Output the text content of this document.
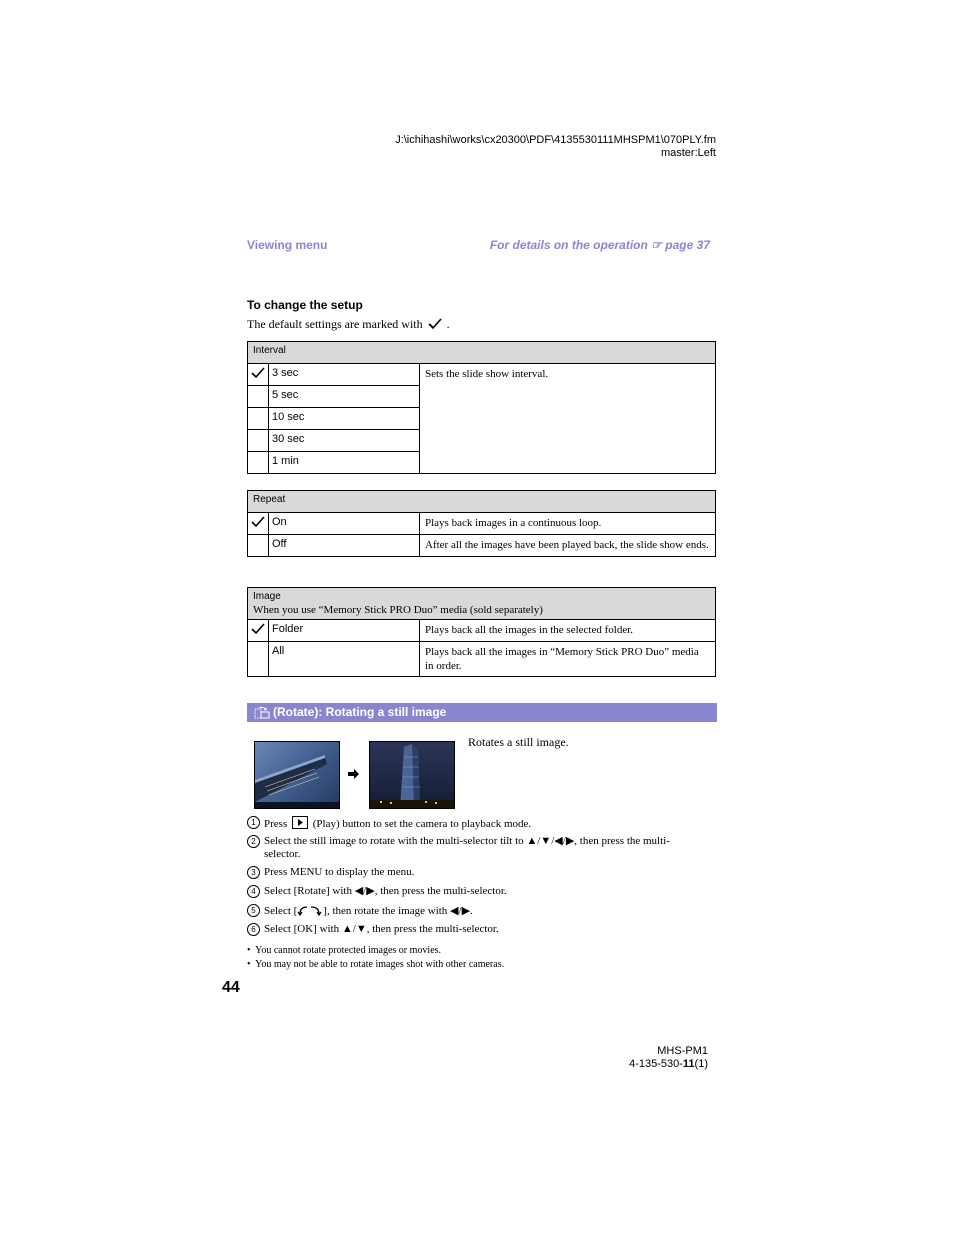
J:\ichihashi\works\cx20300\PDF\4135530111MHSPM1\070PLY.fm
master:Left
Viewing menu	For details on the operation ☞ page 37
To change the setup
The default settings are marked with .
Interval		
	3 sec	Sets the slide show interval.
	5 sec	
	10 sec	
	30 sec	
	1 min	
Repeat		
	On	Plays back images in a continuous loop.
	Off	After all the images have been played back, the slide show ends.
Image
When you use “Memory Stick PRO Duo” media (sold separately)		

	Folder	Plays back all the images in the selected folder.
	All	Plays back all the images in “Memory Stick PRO Duo” media in order.
(Rotate): Rotating a still image
Rotates a still image.
1 Press (Play) button to set the camera to playback mode.
2 Select the still image to rotate with the multi-selector tilt to ▲/▼/◀/▶, then press the multi-selector.
3 Press MENU to display the menu.
4 Select [Rotate] with ◀/▶, then press the multi-selector.
5 Select [ ], then rotate the image with ◀/▶.
6 Select [OK] with ▲/▼, then press the multi-selector.
•  You cannot rotate protected images or movies.
•  You may not be able to rotate images shot with other cameras.
44
MHS-PM1
4-135-530-11(1)
